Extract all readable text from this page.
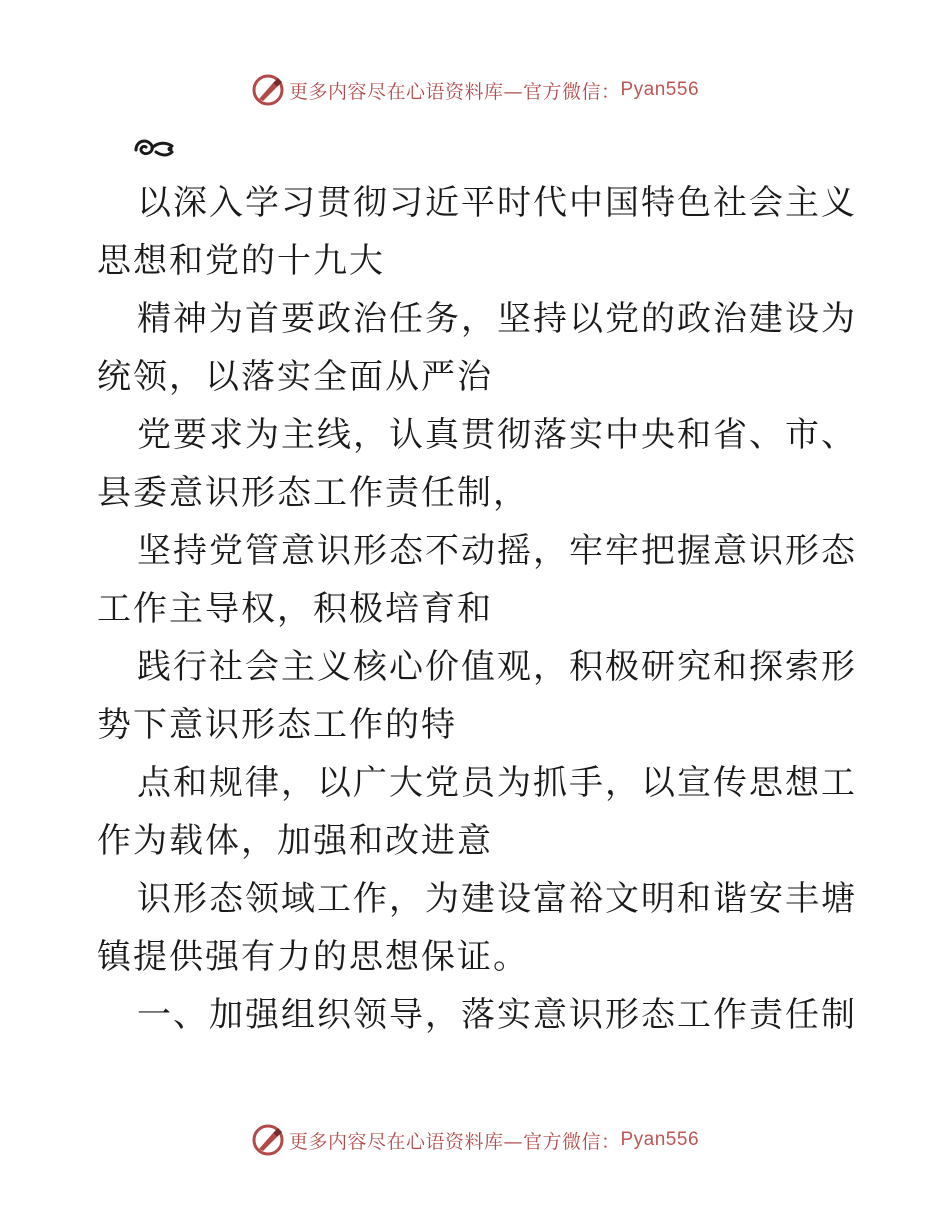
更多内容尽在心语资料库—官方微信： Pyan556

以深入学习贯彻习近平时代中国特色社会主义思想和党的十九大

精神为首要政治任务，坚持以党的政治建设为统领，以落实全面从严治

党要求为主线，认真贯彻落实中央和省、市、县委意识形态工作责任制，

坚持党管意识形态不动摇，牢牢把握意识形态工作主导权，积极培育和

践行社会主义核心价值观，积极研究和探索形势下意识形态工作的特

点和规律，以广大党员为抓手，以宣传思想工作为载体，加强和改进意

识形态领域工作，为建设富裕文明和谐安丰塘镇提供强有力的思想保证。

一、加强组织领导，落实意识形态工作责任制

更多内容尽在心语资料库—官方微信： Pyan556
